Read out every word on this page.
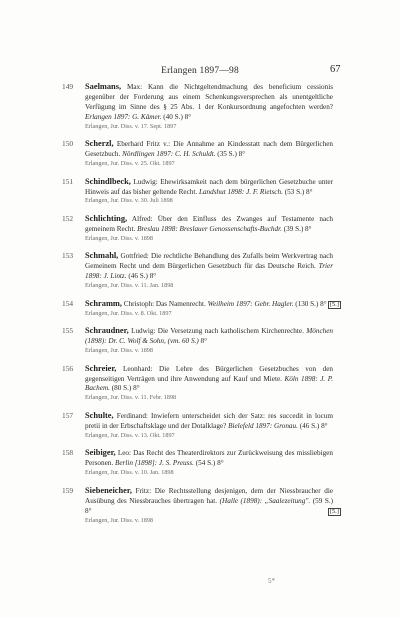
Erlangen 1897—98	67
149 Saelmans, Max: Kann die Nichtgeltendmachung des beneficium cessionis gegenüber der Forderung aus einem Schenkungsversprechen als unentgeltliche Verfügung im Sinne des § 25 Abs. 1 der Konkursordnung angefochten werden? Erlangen 1897: G. Kämer. (40 S.) 8°
Erlangen, Jur. Diss. v. 17. Sept. 1897
150 Scherzl, Eberhard Fritz v.: Die Annahme an Kindesstatt nach dem Bürgerlichen Gesetzbuch. Nördlingen 1897: C. H. Schuldt. (35 S.) 8°
Erlangen, Jur. Diss. v. 25. Okt. 1897
151 Schindlbeck, Ludwig: Ehewirksamkeit nach dem bürgerlichen Gesetzbuche unter Hinweis auf das bisher geltende Recht. Landshut 1898: J. F. Rietsch. (53 S.) 8°
Erlangen, Jur. Diss. v. 30. Juli 1898
152 Schlichting, Alfred: Über den Einfluss des Zwanges auf Testamente nach gemeinem Recht. Breslau 1898: Breslauer Genossenschafts-Buchdr. (39 S.) 8°
Erlangen, Jur. Diss. v. 1898
153 Schmahl, Gottfried: Die rechtliche Behandlung des Zufalls beim Werkvertrag nach Gemeinem Recht und dem Bürgerlichen Gesetzbuch für das Deutsche Reich. Trier 1898: J. Lintz. (46 S.) 8°
Erlangen, Jur. Diss. v. 11. Jan. 1898
154 Schramm, Christoph: Das Namenrecht. Weilheim 1897: Gebr. Hagler. (130 S.) 8°
Erlangen, Jur. Diss. v. 8. Okt. 1897
[5.]
155 Schraudner, Ludwig: Die Versetzung nach katholischem Kirchenrechte. Mönchen (1898): Dr. C. Wolf & Sohn, (vm. 60 S.) 8°
Erlangen, Jur. Diss. v. 1898
156 Schreier, Leonhard: Die Lehre des Bürgerlichen Gesetzbuches von den gegenseitigen Verträgen und ihre Anwendung auf Kauf und Miete. Köln 1898: J. P. Bachem. (80 S.) 8°
Erlangen, Jur. Diss. v. 11. Febr. 1898
157 Schulte, Ferdinand: Inwiefern unterscheidet sich der Satz: res succedit in locum pretii in der Erbschaftsklage und der Dotalklage? Bielefeld 1897: Gronau. (46 S.) 8°
Erlangen, Jur. Diss. v. 13. Okt. 1897
158 Seibiger, Leo: Das Recht des Theaterdirektors zur Zurückweisung des missliebigen Personen. Berlin [1898]: J. S. Preuss. (54 S.) 8°
Erlangen, Jur. Diss. v. 10. Jan. 1898
159 Siebeneicher, Fritz: Die Rechtsstellung desjenigen, dem der Niessbraucher die Ausübung des Niessbrauches übertragen hat. (Halle (1898): „Saalezeitung". (59 S.) 8°
Erlangen, Jur. Diss. v. 1898
[5.]
5*
